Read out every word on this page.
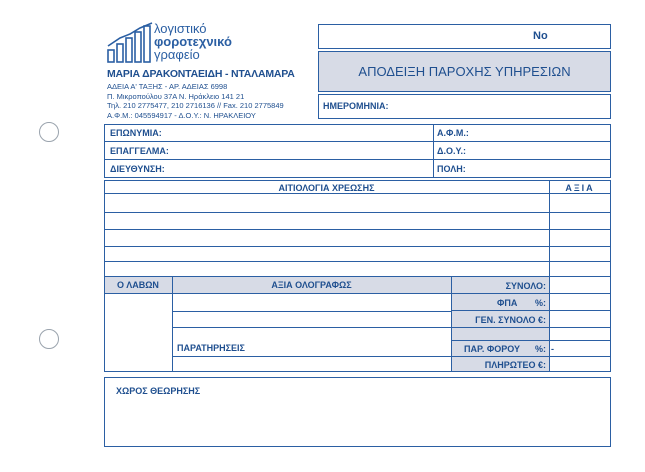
λογιστικό
φοροτεχνικό
γραφείο
ΜΑΡΙΑ ΔΡΑΚΟΝΤΑΕΙΔΗ - ΝΤΑΛΑΜΑΡΑ
ΑΔΕΙΑ Α' ΤΑΞΗΣ - ΑΡ. ΑΔΕΙΑΣ 6998
Π. Μικροπούλου 37Α Ν. Ηράκλειο 141 21
Τηλ. 210 2775477, 210 2716136 // Fax. 210 2775849
Α.Φ.Μ.: 045594917 - Δ.Ο.Υ.: Ν. ΗΡΑΚΛΕΙΟΥ
No
ΑΠΟΔΕΙΞΗ ΠΑΡΟΧΗΣ ΥΠΗΡΕΣΙΩΝ
ΗΜΕΡΟΜΗΝΙΑ:
ΕΠΩΝΥΜΙΑ:
ΕΠΑΓΓΕΛΜΑ:
ΔΙΕΥΘΥΝΣΗ:
Α.Φ.Μ.:
Δ.Ο.Υ.:
ΠΟΛΗ:
ΑΙΤΙΟΛΟΓΙΑ ΧΡΕΩΣΗΣ	ΑΞΙΑ
Ο ΛΑΒΩΝ	ΑΞΙΑ ΟΛΟΓΡΑΦΩΣ
ΠΑΡΑΤΗΡΗΣΕΙΣ
ΣΥΝΟΛΟ:
ΦΠΑ %:
ΓΕΝ. ΣΥΝΟΛΟ €:
ΠΑΡ. ΦΟΡΟΥ %: -
ΠΛΗΡΩΤΕΟ €:
ΧΩΡΟΣ ΘΕΩΡΗΣΗΣ
